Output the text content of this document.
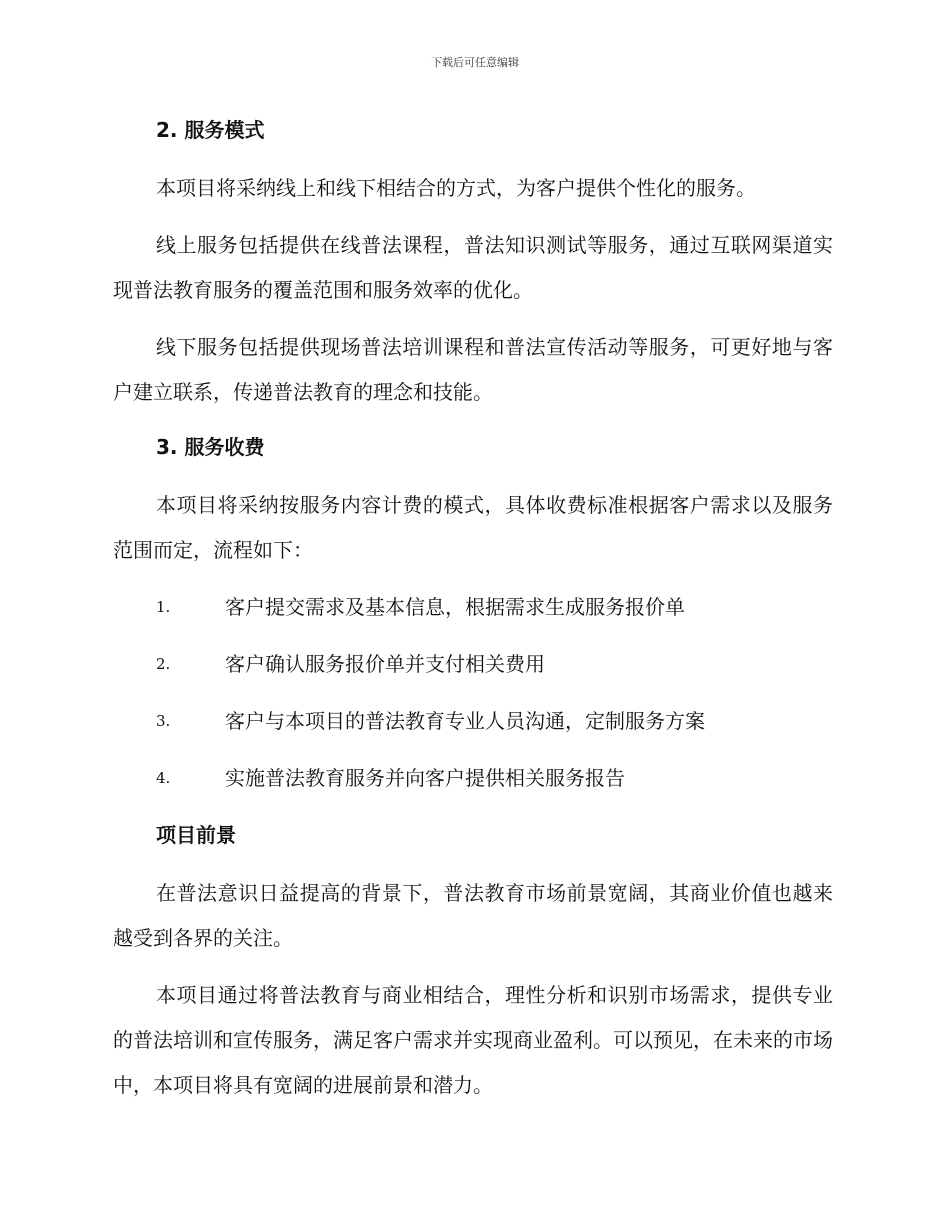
下载后可任意编辑
2. 服务模式

本项目将采纳线上和线下相结合的方式，为客户提供个性化的服务。

线上服务包括提供在线普法课程，普法知识测试等服务，通过互联网渠道实现普法教育服务的覆盖范围和服务效率的优化。

线下服务包括提供现场普法培训课程和普法宣传活动等服务，可更好地与客户建立联系，传递普法教育的理念和技能。

3. 服务收费

本项目将采纳按服务内容计费的模式，具体收费标准根据客户需求以及服务范围而定，流程如下：

1.	客户提交需求及基本信息，根据需求生成服务报价单
2.	客户确认服务报价单并支付相关费用
3.	客户与本项目的普法教育专业人员沟通，定制服务方案
4.	实施普法教育服务并向客户提供相关服务报告
项目前景

在普法意识日益提高的背景下，普法教育市场前景宽阔，其商业价值也越来越受到各界的关注。

本项目通过将普法教育与商业相结合，理性分析和识别市场需求，提供专业的普法培训和宣传服务，满足客户需求并实现商业盈利。可以预见，在未来的市场中，本项目将具有宽阔的进展前景和潜力。
